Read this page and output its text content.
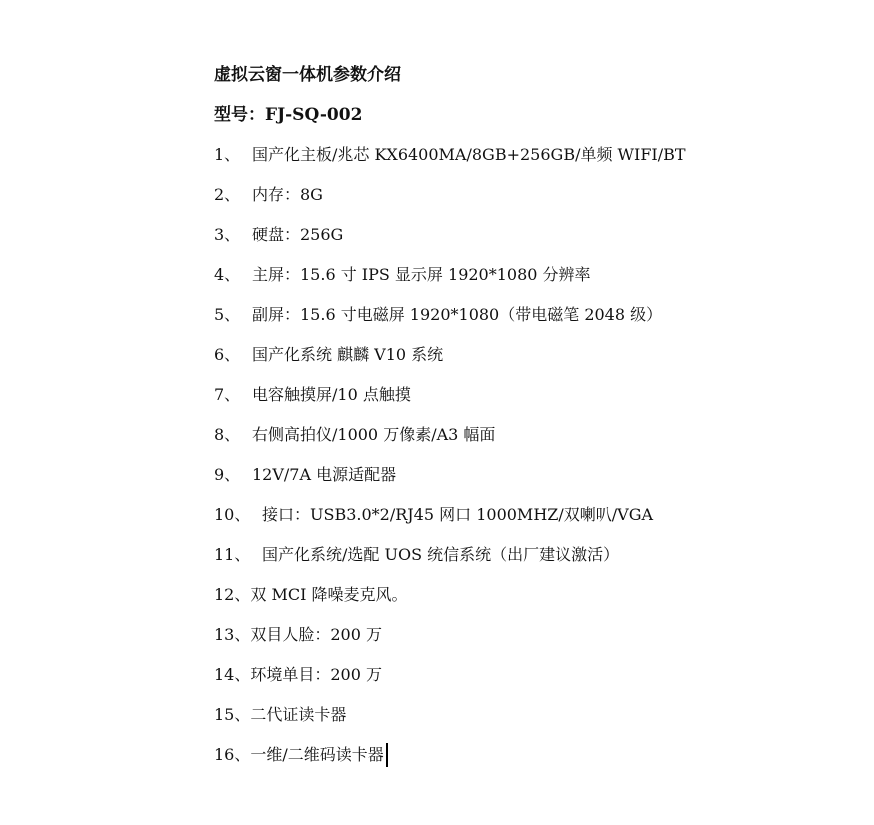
虚拟云窗一体机参数介绍
型号：FJ-SQ-002
1、 国产化主板/兆芯 KX6400MA/8GB+256GB/单频 WIFI/BT
2、 内存：8G
3、 硬盘：256G
4、 主屏：15.6 寸 IPS 显示屏 1920*1080 分辨率
5、 副屏：15.6 寸电磁屏 1920*1080（带电磁笔 2048 级）
6、 国产化系统 麒麟 V10 系统
7、 电容触摸屏/10 点触摸
8、 右侧高拍仪/1000 万像素/A3 幅面
9、 12V/7A 电源适配器
10、 接口：USB3.0*2/RJ45 网口 1000MHZ/双喇叭/VGA
11、 国产化系统/选配 UOS 统信系统（出厂建议激活）
12、 双 MCI 降噪麦克风。
13、 双目人脸：200 万
14、 环境单目：200 万
15、 二代证读卡器
16、 一维/二维码读卡器
